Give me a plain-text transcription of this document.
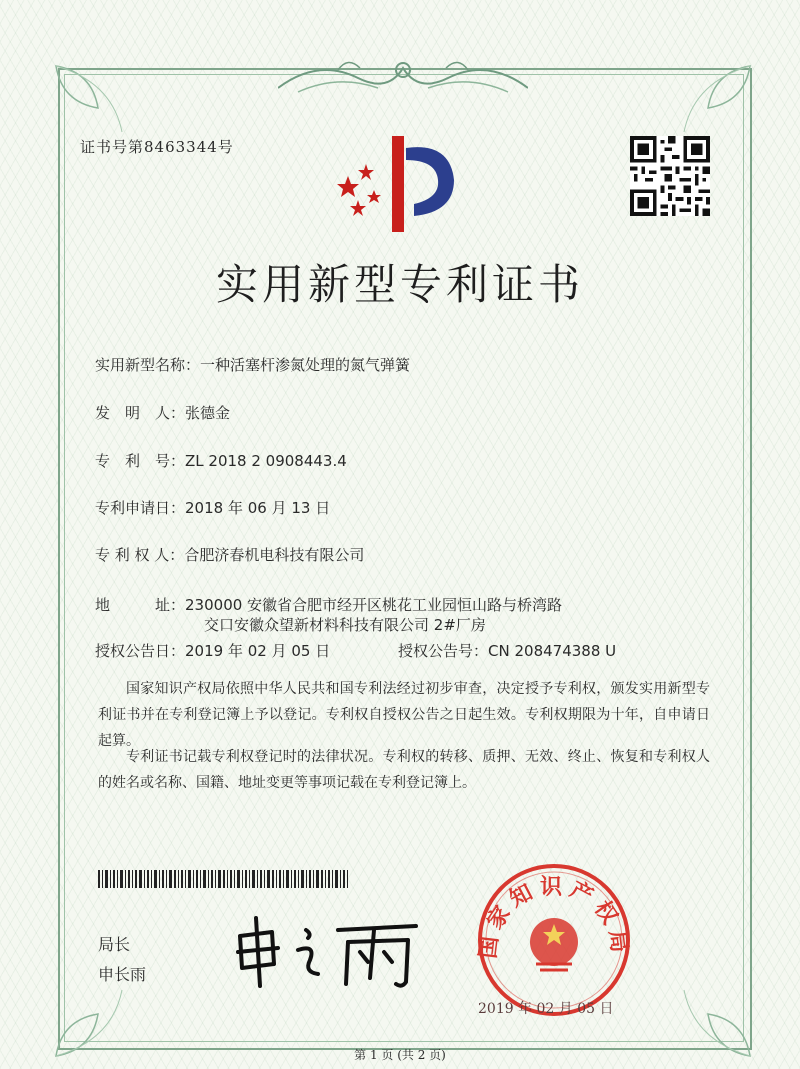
证书号第8463344号
实用新型专利证书
实用新型名称：一种活塞杆渗氮处理的氮气弹簧
发　明　人：张德金
专　利　号：ZL 2018 2 0908443.4
专利申请日：2018 年 06 月 13 日
专 利 权 人：合肥济春机电科技有限公司
地　　　址：230000 安徽省合肥市经开区桃花工业园恒山路与桥湾路
交口安徽众望新材料科技有限公司 2#厂房
授权公告日：2019 年 02 月 05 日	授权公告号：CN 208474388 U
国家知识产权局依照中华人民共和国专利法经过初步审查，决定授予专利权，颁发实用新型专利证书并在专利登记簿上予以登记。专利权自授权公告之日起生效。专利权期限为十年，自申请日起算。
专利证书记载专利权登记时的法律状况。专利权的转移、质押、无效、终止、恢复和专利权人的姓名或名称、国籍、地址变更等事项记载在专利登记簿上。
局长
申长雨
国家知识产权局
2019 年 02 月 05 日
第 1 页 (共 2 页)
